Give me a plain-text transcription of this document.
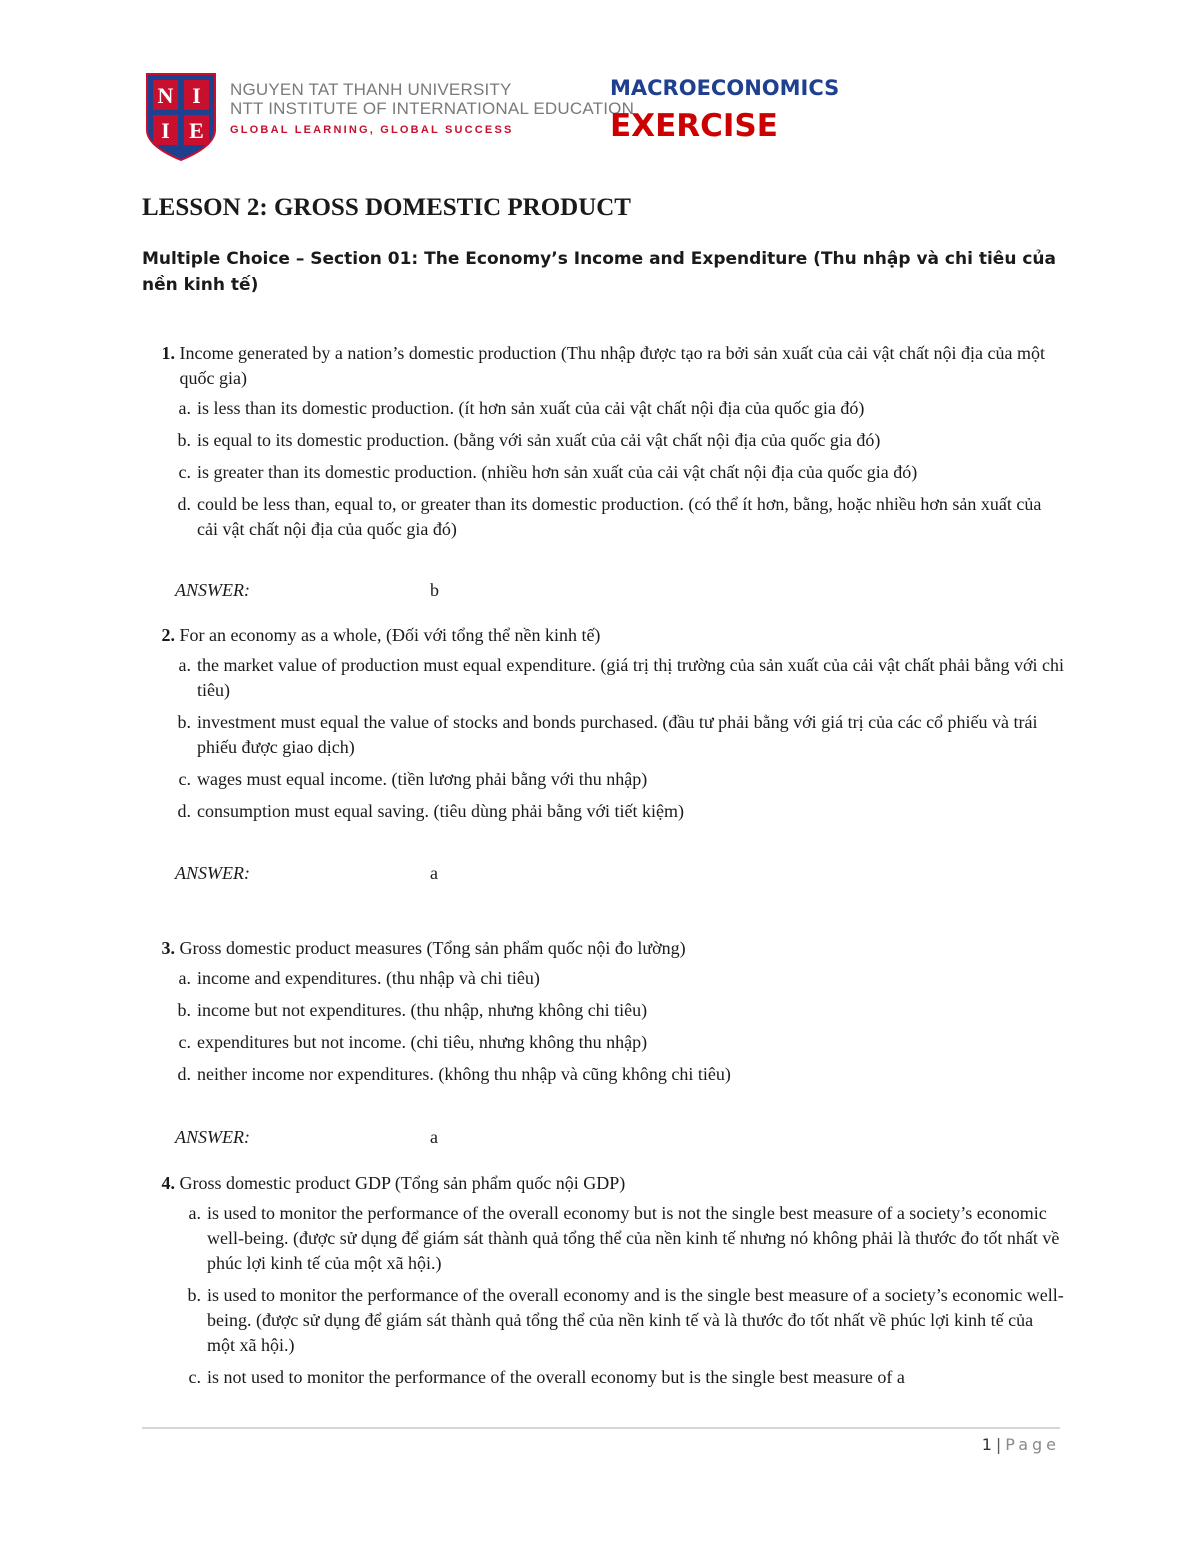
N I
I E
NGUYEN TAT THANH UNIVERSITY
NTT INSTITUTE OF INTERNATIONAL EDUCATION
GLOBAL LEARNING, GLOBAL SUCCESS
MACROECONOMICS
EXERCISE
LESSON 2: GROSS DOMESTIC PRODUCT
Multiple Choice – Section 01: The Economy’s Income and Expenditure (Thu nhập và chi tiêu của nền kinh tế)
1.
Income generated by a nation’s domestic production (Thu nhập được tạo ra bởi sản xuất của cải vật chất nội địa của một quốc gia)
a. is less than its domestic production. (ít hơn sản xuất của cải vật chất nội địa của quốc gia đó)
b. is equal to its domestic production. (bằng với sản xuất của cải vật chất nội địa của quốc gia đó)
c. is greater than its domestic production. (nhiều hơn sản xuất của cải vật chất nội địa của quốc gia đó)
d. could be less than, equal to, or greater than its domestic production. (có thể ít hơn, bằng, hoặc nhiều hơn sản xuất của cải vật chất nội địa của quốc gia đó)
ANSWER:	b
2.
For an economy as a whole, (Đối với tổng thể nền kinh tế)
a. the market value of production must equal expenditure. (giá trị thị trường của sản xuất của cải vật chất phải bằng với chi tiêu)
b. investment must equal the value of stocks and bonds purchased. (đầu tư phải bằng với giá trị của các cổ phiếu và trái phiếu được giao dịch)
c. wages must equal income. (tiền lương phải bằng với thu nhập)
d. consumption must equal saving. (tiêu dùng phải bằng với tiết kiệm)
ANSWER:	a
3.
Gross domestic product measures (Tổng sản phẩm quốc nội đo lường)
a. income and expenditures. (thu nhập và chi tiêu)
b. income but not expenditures. (thu nhập, nhưng không chi tiêu)
c. expenditures but not income. (chi tiêu, nhưng không thu nhập)
d. neither income nor expenditures. (không thu nhập và cũng không chi tiêu)
ANSWER:	a
4.
Gross domestic product GDP (Tổng sản phẩm quốc nội GDP)
a. is used to monitor the performance of the overall economy but is not the single best measure of a society’s economic well-being. (được sử dụng để giám sát thành quả tổng thể của nền kinh tế nhưng nó không phải là thước đo tốt nhất về phúc lợi kinh tế của một xã hội.)
b. is used to monitor the performance of the overall economy and is the single best measure of a society’s economic well-being. (được sử dụng để giám sát thành quả tổng thể của nền kinh tế và là thước đo tốt nhất về phúc lợi kinh tế của một xã hội.)
c. is not used to monitor the performance of the overall economy but is the single best measure of a
1 | Page
